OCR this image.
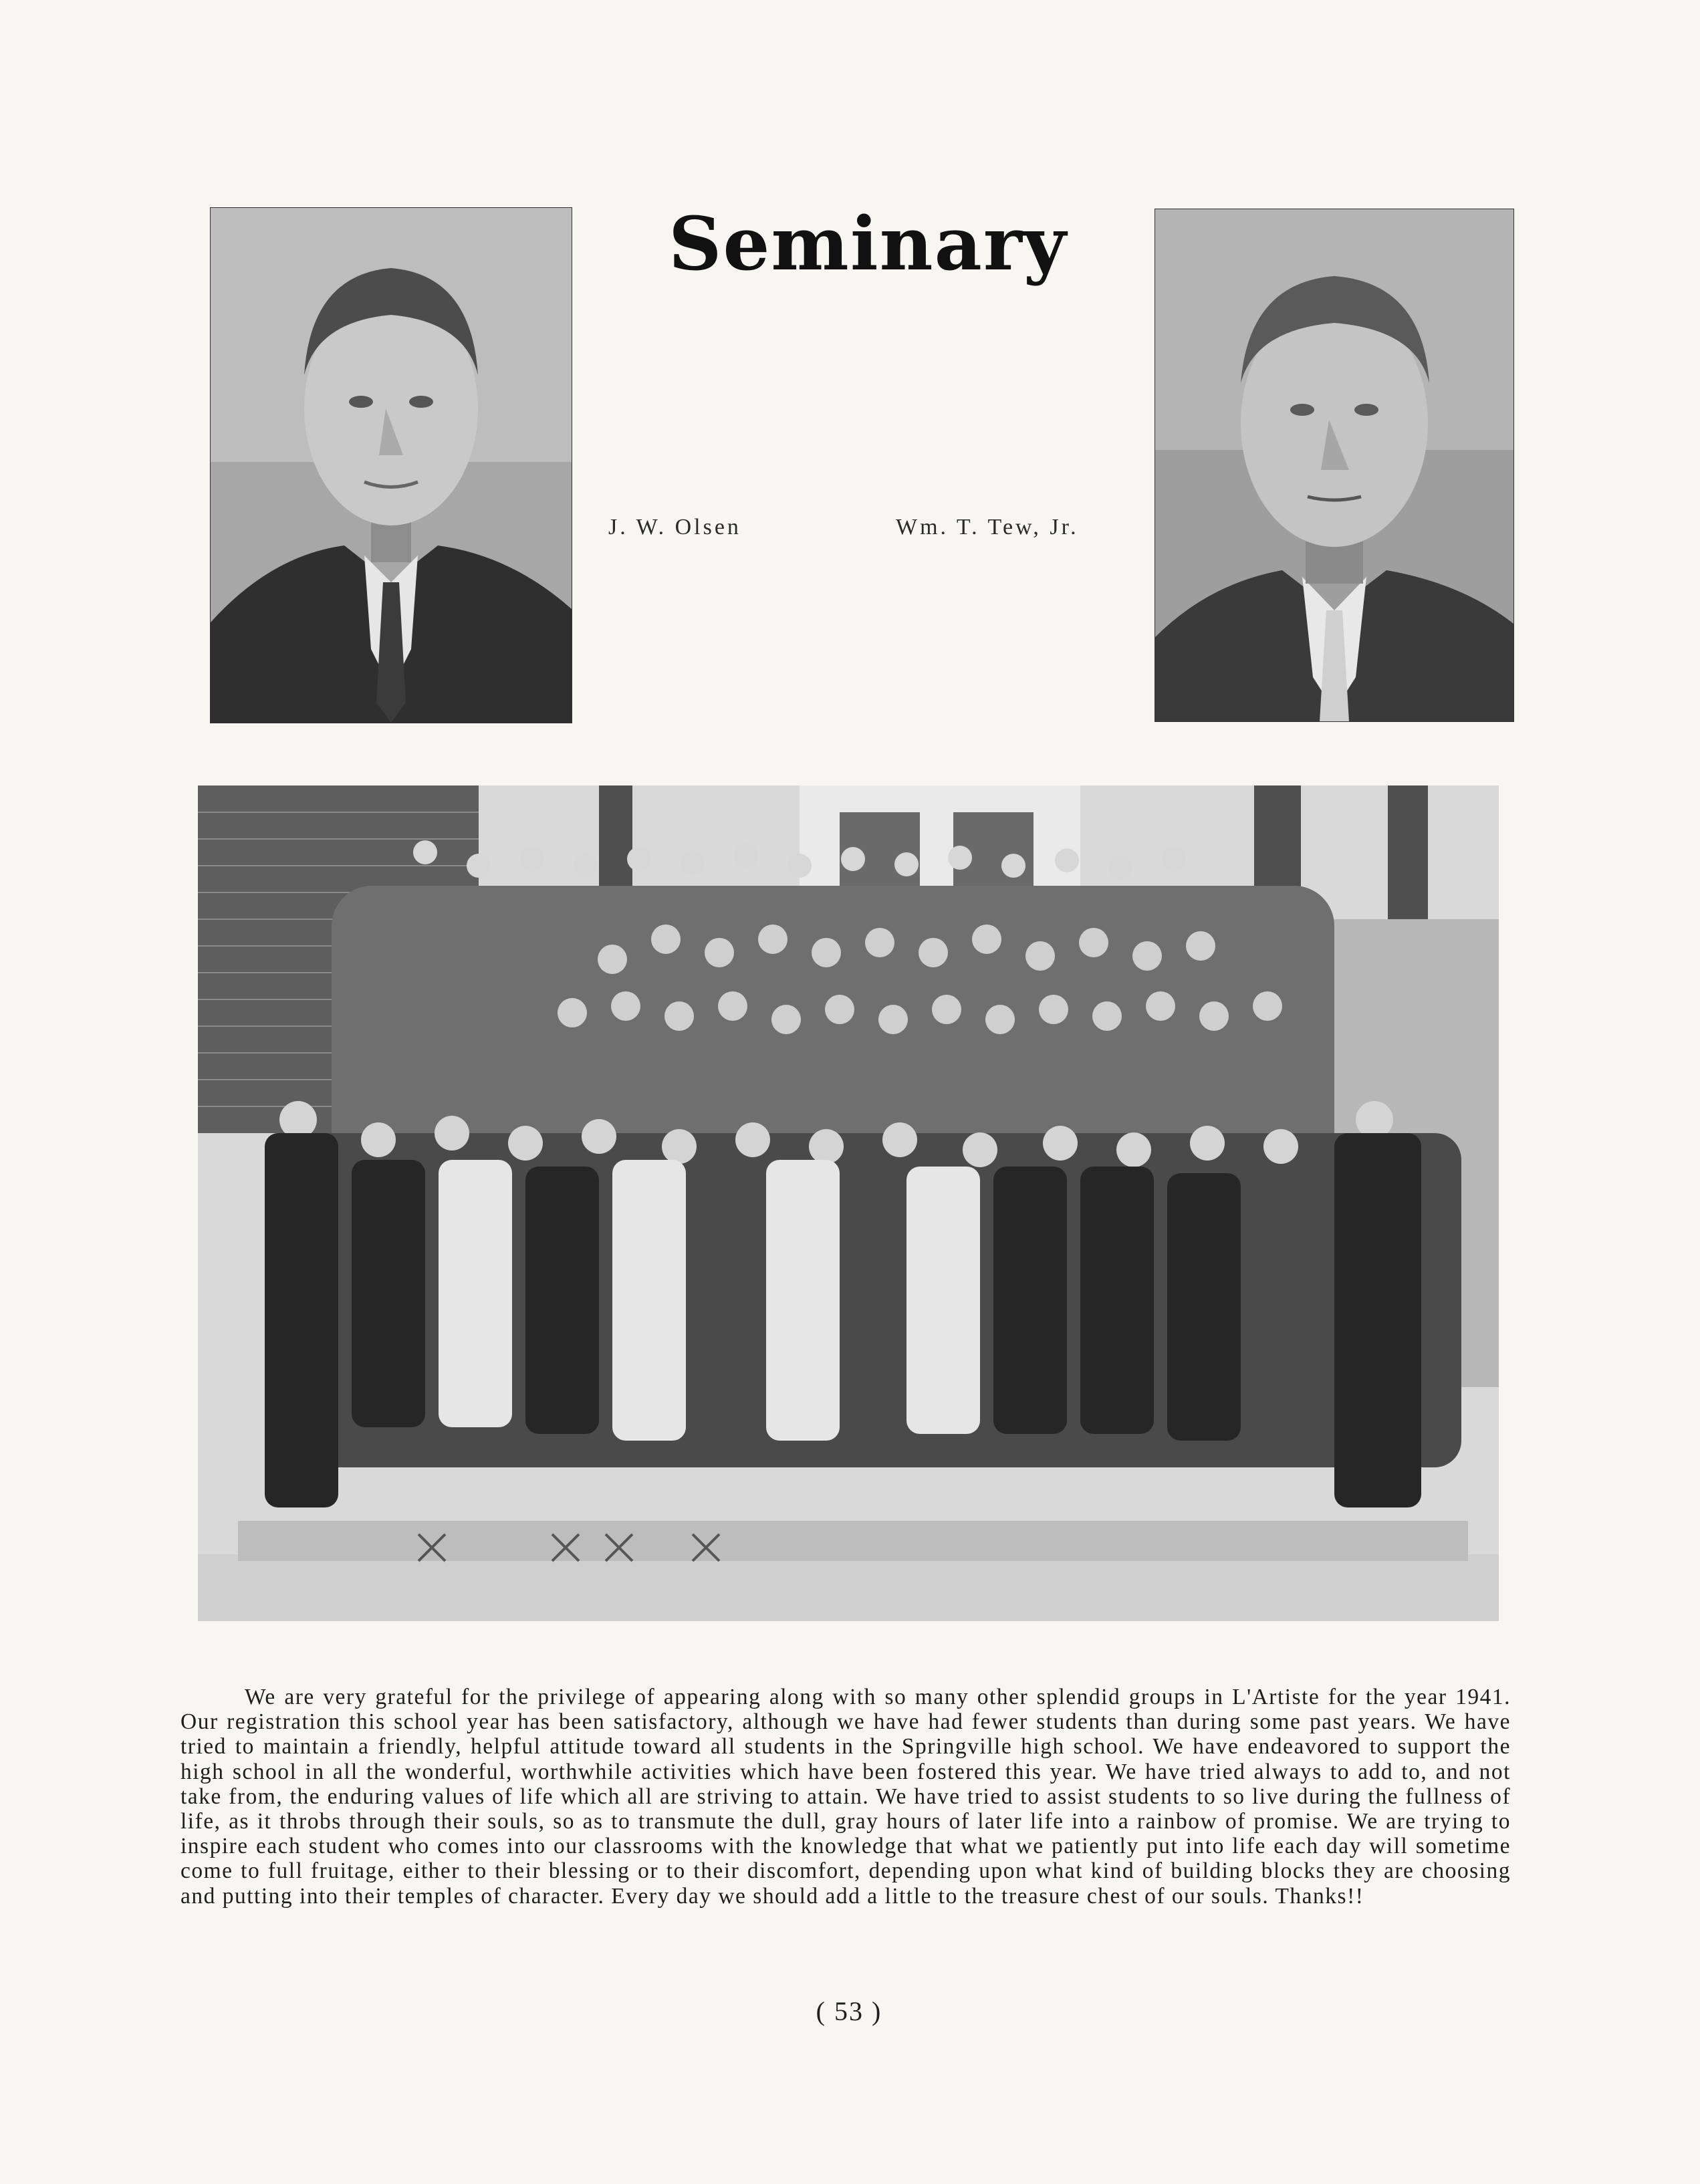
Seminary
J. W. Olsen	Wm. T. Tew, Jr.
We are very grateful for the privilege of appearing along with so many other splendid groups in L'Artiste for the year 1941. Our registration this school year has been satisfactory, although we have had fewer students than during some past years. We have tried to maintain a friendly, helpful attitude toward all students in the Springville high school. We have endeavored to support the high school in all the wonderful, worthwhile activities which have been fostered this year. We have tried always to add to, and not take from, the enduring values of life which all are striving to attain. We have tried to assist students to so live during the fullness of life, as it throbs through their souls, so as to transmute the dull, gray hours of later life into a rainbow of promise. We are trying to inspire each student who comes into our classrooms with the knowledge that what we patiently put into life each day will sometime come to full fruitage, either to their blessing or to their discomfort, depending upon what kind of building blocks they are choosing and putting into their temples of character. Every day we should add a little to the treasure chest of our souls. Thanks!!
( 53 )
